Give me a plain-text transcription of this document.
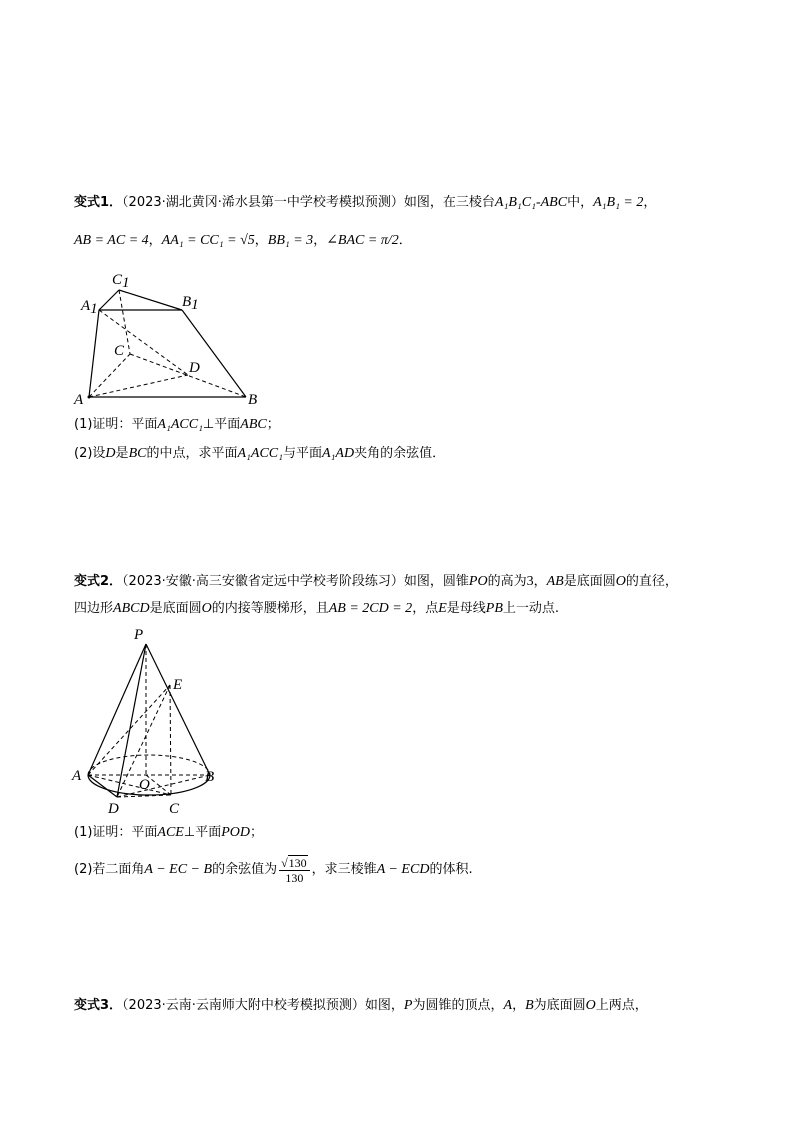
变式1．（2023·湖北黄冈·浠水县第一中学校考模拟预测）如图，在三棱台A₁B₁C₁-ABC中，A₁B₁ = 2，
AB = AC = 4，AA₁ = CC₁ = √5，BB₁ = 3，∠BAC = π/2．
C1
A1	B1
C
D
A	B
(1)证明：平面A₁ACC₁⊥平面ABC；
(2)设D是BC的中点，求平面A₁ACC₁与平面A₁AD夹角的余弦值．
变式2．（2023·安徽·高三安徽省定远中学校考阶段练习）如图，圆锥PO的高为3，AB是底面圆O的直径，
四边形ABCD是底面圆O的内接等腰梯形，且AB = 2CD = 2，点E是母线PB上一动点.
P
E
A
O	B
D	C
(1)证明：平面ACE⊥平面POD；
(2)若二面角A − EC − B的余弦值为 $\frac{√130}{130}$ ，求三棱锥A − ECD的体积.
变式3．（2023·云南·云南师大附中校考模拟预测）如图，P为圆锥的顶点，A，B为底面圆O上两点，
